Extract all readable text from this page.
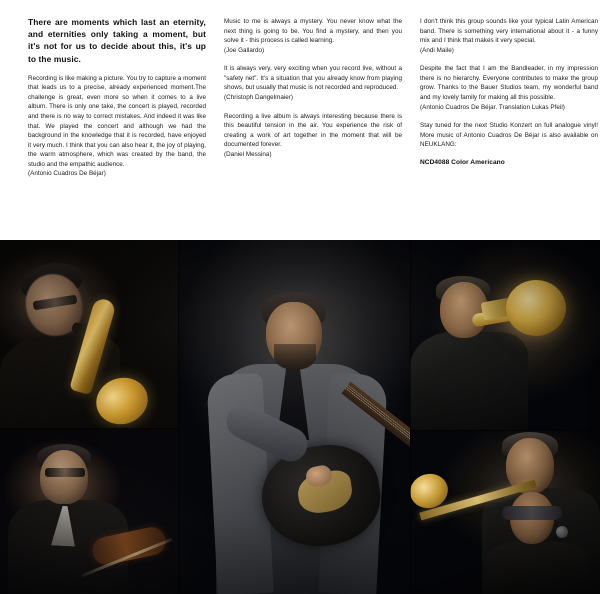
There are moments which last an eternity, and eternities only taking a moment, but it's not for us to decide about this, it's up to the music.

Recording is like making a picture. You try to capture a moment that leads us to a precise, already experienced moment.The challenge is great, even more so when it comes to a live album. There is only one take, the concert is played, recorded and there is no way to correct mistakes. And indeed it was like that. We played the concert and although we had the background in the knowledge that it is recorded, have enjoyed it very much. I think that you can also hear it, the joy of playing, the warm atmosphere, which was created by the band, the studio and the empathic audience.
(Antonio Cuadros De Béjar)

Music to me is always a mystery. You never know what the next thing is going to be. You find a mystery, and then you solve it - this process is called learning.
(Joe Gallardo)

It is always very, very exciting when you record live, without a "safety net". It's a situation that you already know from playing shows, but usually that music is not recorded and reproduced.
(Christoph Dangelmaier)

Recording a live album is always interesting because there is this beautiful tension in the air. You experience the risk of creating a work of art together in the moment that will be documented forever.
(Daniel Messina)

I don't think this group sounds like your typical Latin American band. There is something very international about it - a funny mix and I think that makes it very special.
(Andi Maile)

Despite the fact that I am the Bandleader, in my impression there is no hierarchy. Everyone contributes to make the group grow. Thanks to the Bauer Studios team, my wonderful band and my lovely family for making all this possible.
(Antonio Cuadros De Béjar. Translation Lukas Pfeil)

Stay tuned for the next Studio Konzert on full analogue vinyl! More music of Antonio Cuadros De Béjar is also available on NEUKLANG:

NCD4088 Color Americano
